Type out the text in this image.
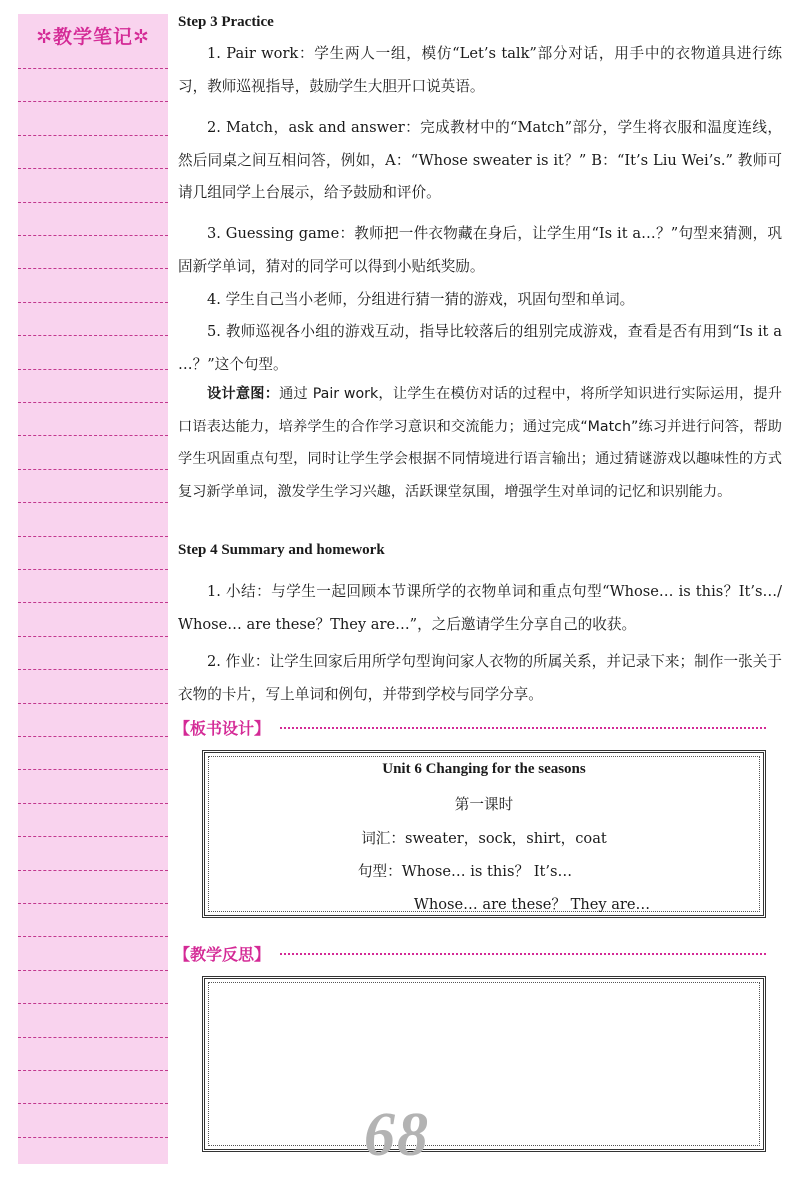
✲教学笔记✲
Step 3 Practice
1. Pair work：学生两人一组，模仿“Let’s talk”部分对话，用手中的衣物道具进行练习，教师巡视指导，鼓励学生大胆开口说英语。
2. Match，ask and answer：完成教材中的“Match”部分，学生将衣服和温度连线，然后同桌之间互相问答，例如，A：“Whose sweater is it？” B：“It’s Liu Wei’s.” 教师可请几组同学上台展示，给予鼓励和评价。
3. Guessing game：教师把一件衣物藏在身后，让学生用“Is it a…？”句型来猜测，巩固新学单词，猜对的同学可以得到小贴纸奖励。
4. 学生自己当小老师，分组进行猜一猜的游戏，巩固句型和单词。
5. 教师巡视各小组的游戏互动，指导比较落后的组别完成游戏，查看是否有用到“Is it a …？”这个句型。
设计意图：通过 Pair work，让学生在模仿对话的过程中，将所学知识进行实际运用，提升口语表达能力，培养学生的合作学习意识和交流能力；通过完成“Match”练习并进行问答，帮助学生巩固重点句型，同时让学生学会根据不同情境进行语言输出；通过猜谜游戏以趣味性的方式复习新学单词，激发学生学习兴趣，活跃课堂氛围，增强学生对单词的记忆和识别能力。
Step 4 Summary and homework
1. 小结：与学生一起回顾本节课所学的衣物单词和重点句型“Whose… is this？It’s…/ Whose… are these？They are…”，之后邀请学生分享自己的收获。
2. 作业：让学生回家后用所学句型询问家人衣物的所属关系，并记录下来；制作一张关于衣物的卡片，写上单词和例句，并带到学校与同学分享。
【板书设计】
【教学反思】
Unit 6 Changing for the seasons
第一课时
词汇：sweater，sock，shirt，coat
句型：Whose… is this？ It’s…
Whose… are these？ They are…
68
